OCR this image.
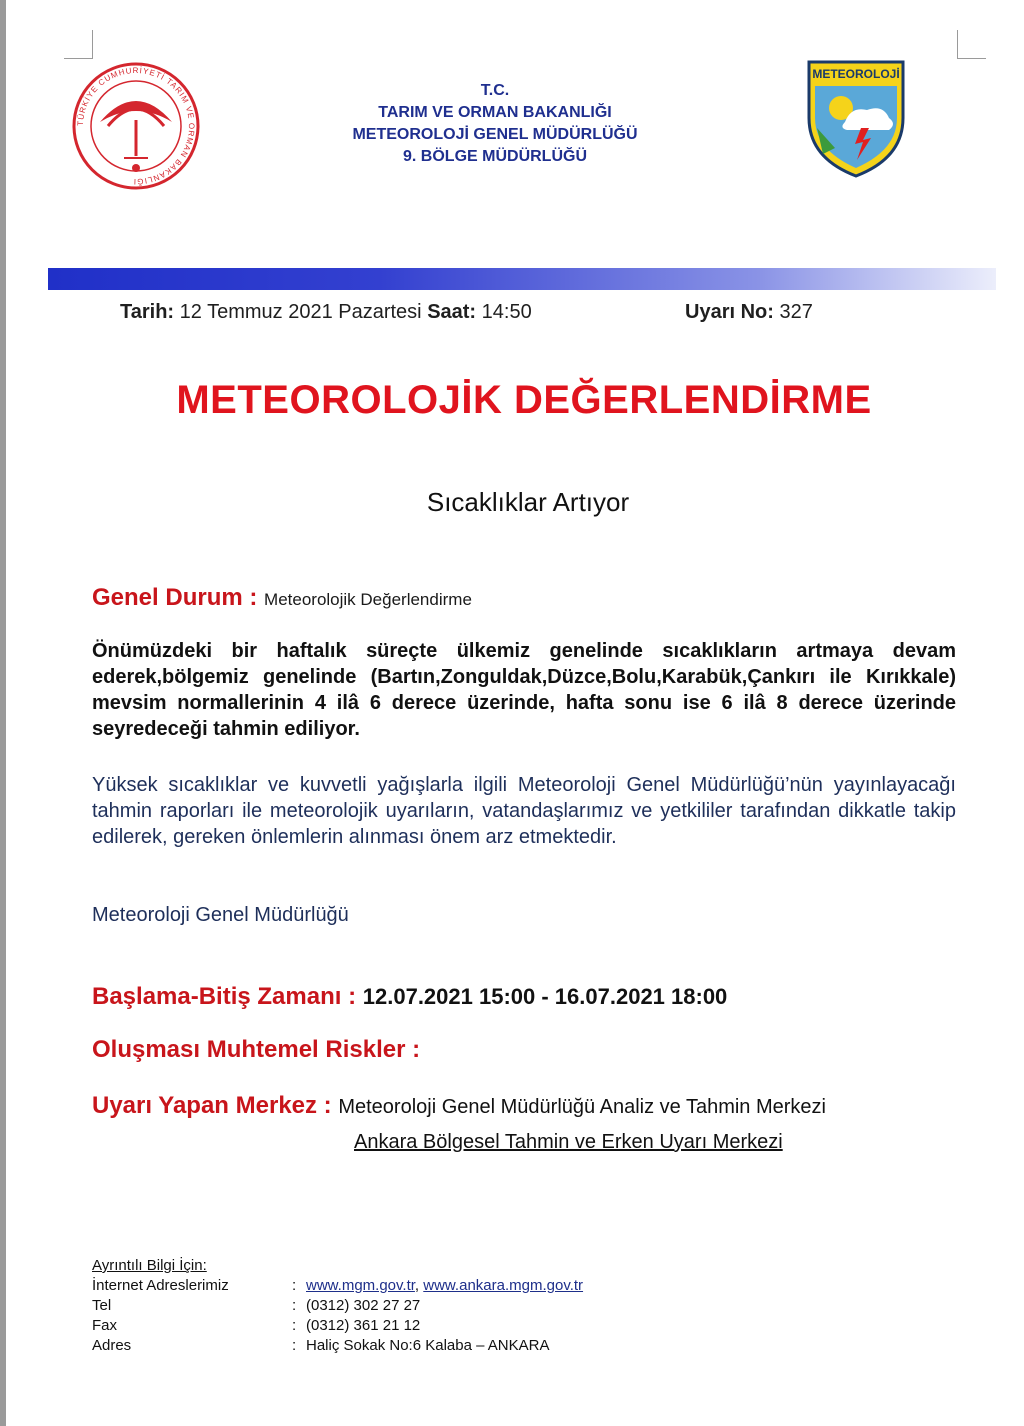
TÜRKİYE CUMHURİYETİ TARIM VE ORMAN BAKANLIĞI
T.C.
TARIM VE ORMAN BAKANLIĞI
METEOROLOJİ GENEL MÜDÜRLÜĞÜ
9. BÖLGE MÜDÜRLÜĞÜ
METEOROLOJİ
Tarih: 12 Temmuz 2021 Pazartesi Saat: 14:50	Uyarı No: 327
METEOROLOJİK DEĞERLENDİRME
Sıcaklıklar Artıyor
Genel Durum : Meteorolojik Değerlendirme
Önümüzdeki bir haftalık süreçte ülkemiz genelinde sıcaklıkların artmaya devam ederek,bölgemiz genelinde (Bartın,Zonguldak,Düzce,Bolu,Karabük,Çankırı ile Kırıkkale) mevsim normallerinin 4 ilâ 6 derece üzerinde, hafta sonu ise 6 ilâ 8 derece üzerinde seyredeceği tahmin ediliyor.
Yüksek sıcaklıklar ve kuvvetli yağışlarla ilgili Meteoroloji Genel Müdürlüğü’nün yayınlayacağı tahmin raporları ile meteorolojik uyarıların, vatandaşlarımız ve yetkililer tarafından dikkatle takip edilerek, gereken önlemlerin alınması önem arz etmektedir.
Meteoroloji Genel Müdürlüğü
Başlama-Bitiş Zamanı : 12.07.2021 15:00 - 16.07.2021 18:00
Oluşması Muhtemel Riskler :
Uyarı Yapan Merkez : Meteoroloji Genel Müdürlüğü Analiz ve Tahmin Merkezi
Ankara Bölgesel Tahmin ve Erken Uyarı Merkezi
Ayrıntılı Bilgi İçin:
İnternet Adreslerimiz	: www.mgm.gov.tr, www.ankara.mgm.gov.tr
Tel	: (0312) 302 27 27
Fax	: (0312) 361 21 12
Adres	: Haliç Sokak No:6 Kalaba – ANKARA
